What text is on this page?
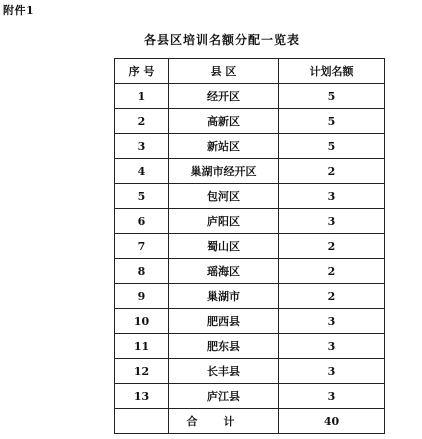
附件1
各县区培训名额分配一览表
序 号	县 区	计划名额
1	经开区	5
2	高新区	5
3	新站区	5
4	巢湖市经开区	2
5	包河区	3
6	庐阳区	3
7	蜀山区	2
8	瑶海区	2
9	巢湖市	2
10	肥西县	3
11	肥东县	3
12	长丰县	3
13	庐江县	3
	合计	40
